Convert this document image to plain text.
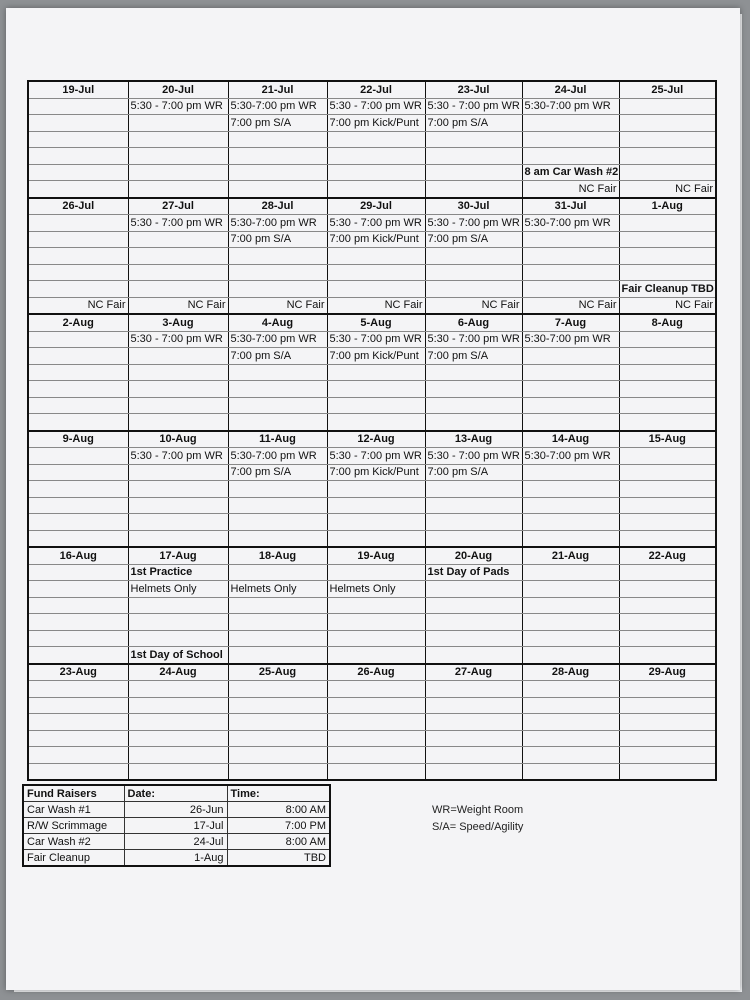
19-Jul	20-Jul	21-Jul	22-Jul	23-Jul	24-Jul	25-Jul
	5:30 - 7:00 pm WR	5:30-7:00 pm WR	5:30 - 7:00 pm WR	5:30 - 7:00 pm WR	5:30-7:00 pm WR	
		7:00 pm S/A	7:00 pm Kick/Punt	7:00 pm S/A		

					8 am Car Wash #2	
					NC Fair	NC Fair
26-Jul	27-Jul	28-Jul	29-Jul	30-Jul	31-Jul	1-Aug
	5:30 - 7:00 pm WR	5:30-7:00 pm WR	5:30 - 7:00 pm WR	5:30 - 7:00 pm WR	5:30-7:00 pm WR	
		7:00 pm S/A	7:00 pm Kick/Punt	7:00 pm S/A		

						Fair Cleanup TBD
NC Fair	NC Fair	NC Fair	NC Fair	NC Fair	NC Fair	NC Fair
2-Aug	3-Aug	4-Aug	5-Aug	6-Aug	7-Aug	8-Aug
	5:30 - 7:00 pm WR	5:30-7:00 pm WR	5:30 - 7:00 pm WR	5:30 - 7:00 pm WR	5:30-7:00 pm WR	
		7:00 pm S/A	7:00 pm Kick/Punt	7:00 pm S/A		

9-Aug	10-Aug	11-Aug	12-Aug	13-Aug	14-Aug	15-Aug
	5:30 - 7:00 pm WR	5:30-7:00 pm WR	5:30 - 7:00 pm WR	5:30 - 7:00 pm WR	5:30-7:00 pm WR	
		7:00 pm S/A	7:00 pm Kick/Punt	7:00 pm S/A		

16-Aug	17-Aug	18-Aug	19-Aug	20-Aug	21-Aug	22-Aug
	1st Practice			1st Day of Pads		
	Helmets Only	Helmets Only	Helmets Only			

	1st Day of School					
23-Aug	24-Aug	25-Aug	26-Aug	27-Aug	28-Aug	29-Aug

Fund Raisers	Date:	Time:
Car Wash #1	26-Jun	8:00 AM
R/W Scrimmage	17-Jul	7:00 PM
Car Wash #2	24-Jul	8:00 AM
Fair Cleanup	1-Aug	TBD
WR=Weight Room
S/A= Speed/Agility
